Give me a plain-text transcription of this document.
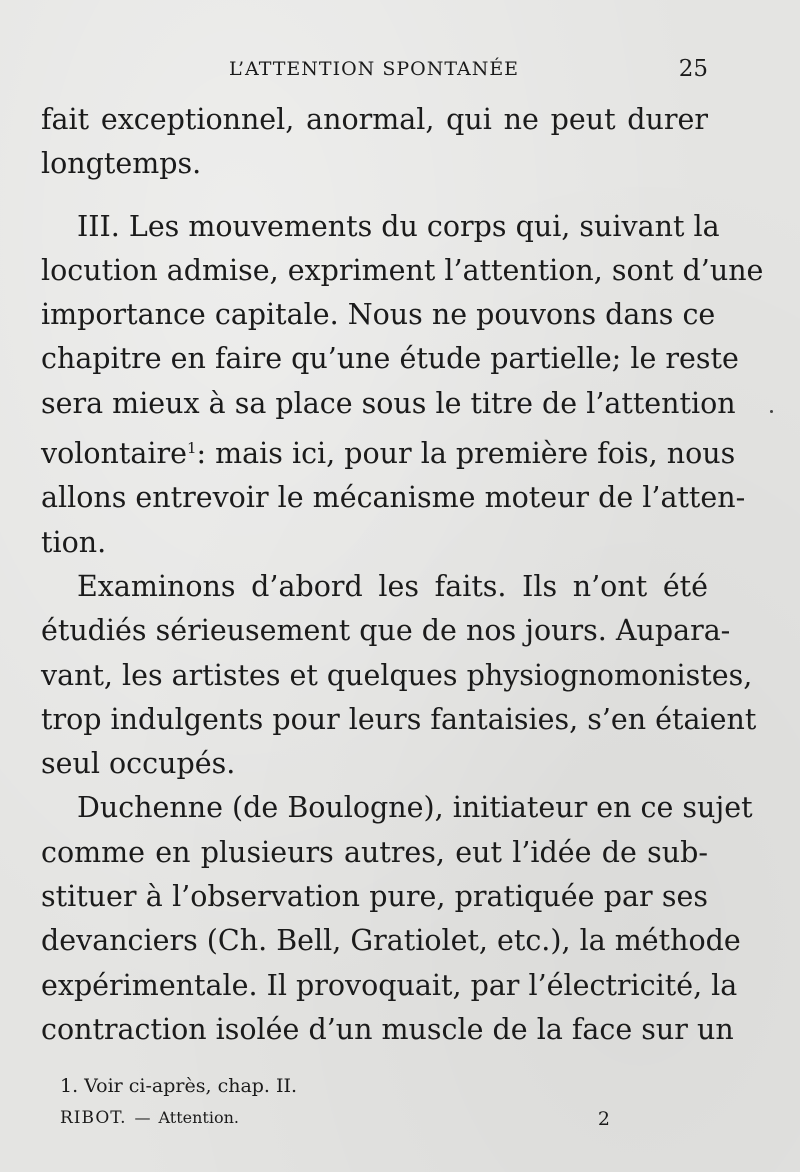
L’ATTENTION SPONTANÉE	25
fait exceptionnel, anormal, qui ne peut durer
longtemps.
III. Les mouvements du corps qui, suivant la
locution admise, expriment l’attention, sont d’une
importance capitale. Nous ne pouvons dans ce
chapitre en faire qu’une étude partielle; le reste
sera mieux à sa place sous le titre de l’attention
volontaire$^1$: mais ici, pour la première fois, nous
allons entrevoir le mécanisme moteur de l’atten-
tion.
Examinons d’abord les faits. Ils n’ont été
étudiés sérieusement que de nos jours. Aupara-
vant, les artistes et quelques physiognomonistes,
trop indulgents pour leurs fantaisies, s’en étaient
seul occupés.
Duchenne (de Boulogne), initiateur en ce sujet
comme en plusieurs autres, eut l’idée de sub-
stituer à l’observation pure, pratiquée par ses
devanciers (Ch. Bell, Gratiolet, etc.), la méthode
expérimentale. Il provoquait, par l’électricité, la
contraction isolée d’un muscle de la face sur un
1. Voir ci-après, chap. II.
RIBOT. — Attention.	2
